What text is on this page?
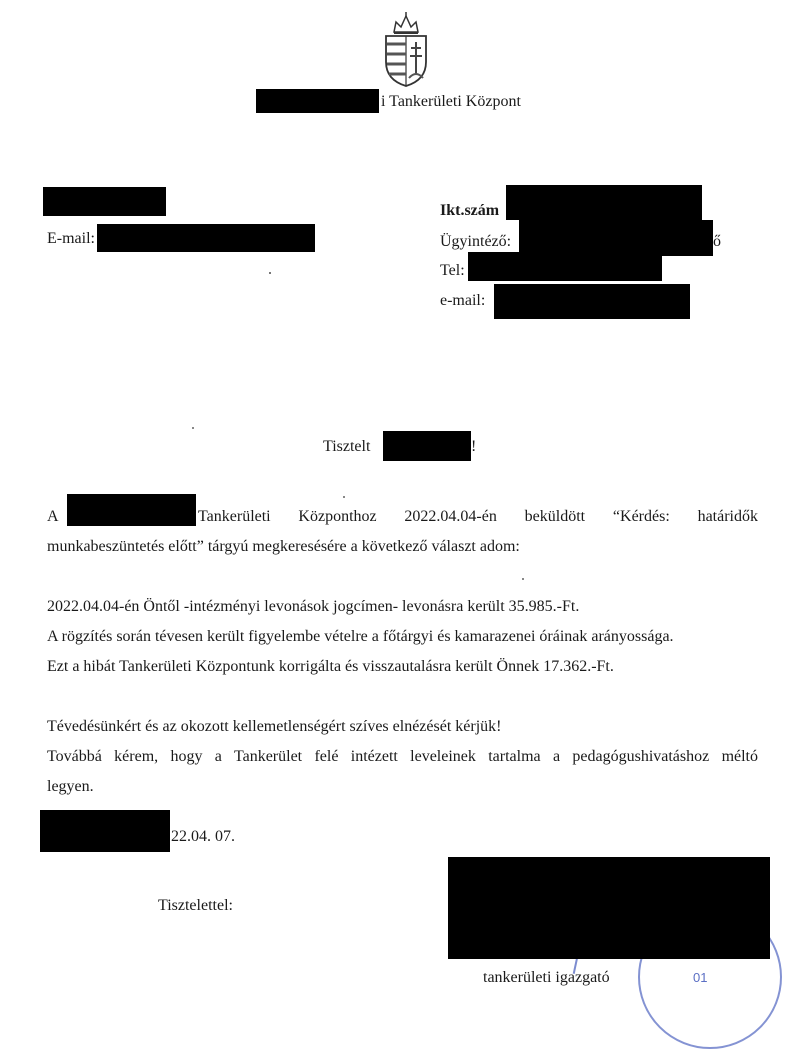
i Tankerületi Központ
E-mail:
Ikt.szám
Ügyintéző:	ő
Tel:
e-mail:
Tisztelt	!
A	Tankerületi Központhoz 2022.04.04-én beküldött “Kérdés: határidők
munkabeszüntetés előtt” tárgyú megkeresésére a következő választ adom:
2022.04.04-én Öntől -intézményi levonások jogcímen- levonásra került 35.985.-Ft.
A rögzítés során tévesen került figyelembe vételre a főtárgyi és kamarazenei óráinak arányossága.
Ezt a hibát Tankerületi Központunk korrigálta és visszautalásra került Önnek 17.362.-Ft.
Tévedésünkért és az okozott kellemetlenségért szíves elnézését kérjük!
Továbbá kérem, hogy a Tankerület felé intézett leveleinek tartalma a pedagógushivatáshoz méltó
legyen.
22.04. 07.
Tisztelettel:
01
tankerületi igazgató
